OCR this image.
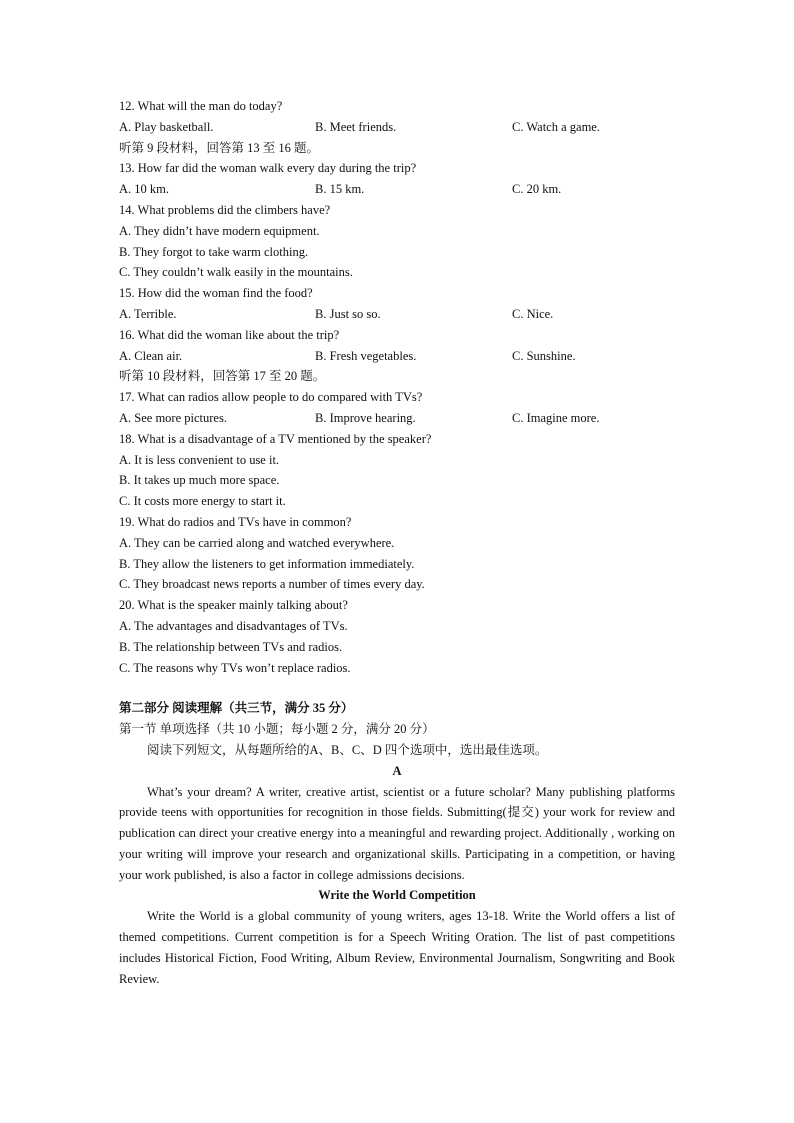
12. What will the man do today?
A. Play basketball.	B. Meet friends.	C. Watch a game.
听第 9 段材料，回答第 13 至 16 题。
13. How far did the woman walk every day during the trip?
A. 10 km.	B. 15 km.	C. 20 km.
14. What problems did the climbers have?
A. They didn’t have modern equipment.
B. They forgot to take warm clothing.
C. They couldn’t walk easily in the mountains.
15. How did the woman find the food?
A. Terrible.	B. Just so so.	C. Nice.
16. What did the woman like about the trip?
A. Clean air.	B. Fresh vegetables.	C. Sunshine.
听第 10 段材料，回答第 17 至 20 题。
17. What can radios allow people to do compared with TVs?
A. See more pictures.	B. Improve hearing.	C. Imagine more.
18. What is a disadvantage of a TV mentioned by the speaker?
A. It is less convenient to use it.
B. It takes up much more space.
C. It costs more energy to start it.
19. What do radios and TVs have in common?
A. They can be carried along and watched everywhere.
B. They allow the listeners to get information immediately.
C. They broadcast news reports a number of times every day.
20. What is the speaker mainly talking about?
A. The advantages and disadvantages of TVs.
B. The relationship between TVs and radios.
C. The reasons why TVs won’t replace radios.
第二部分 阅读理解（共三节，满分 35 分）
第一节 单项选择（共 10 小题；每小题 2 分，满分 20 分）
阅读下列短文，从每题所给的A、B、C、D 四个选项中，选出最佳选项。
A
What’s your dream? A writer, creative artist, scientist or a future scholar? Many publishing platforms provide teens with opportunities for recognition in those fields. Submitting(提交) your work for review and publication can direct your creative energy into a meaningful and rewarding project. Additionally , working on your writing will improve your research and organizational skills. Participating in a competition, or having your work published, is also a factor in college admissions decisions.
Write the World Competition
Write the World is a global community of young writers, ages 13-18. Write the World offers a list of themed competitions. Current competition is for a Speech Writing Oration. The list of past competitions includes Historical Fiction, Food Writing, Album Review, Environmental Journalism, Songwriting and Book Review.
